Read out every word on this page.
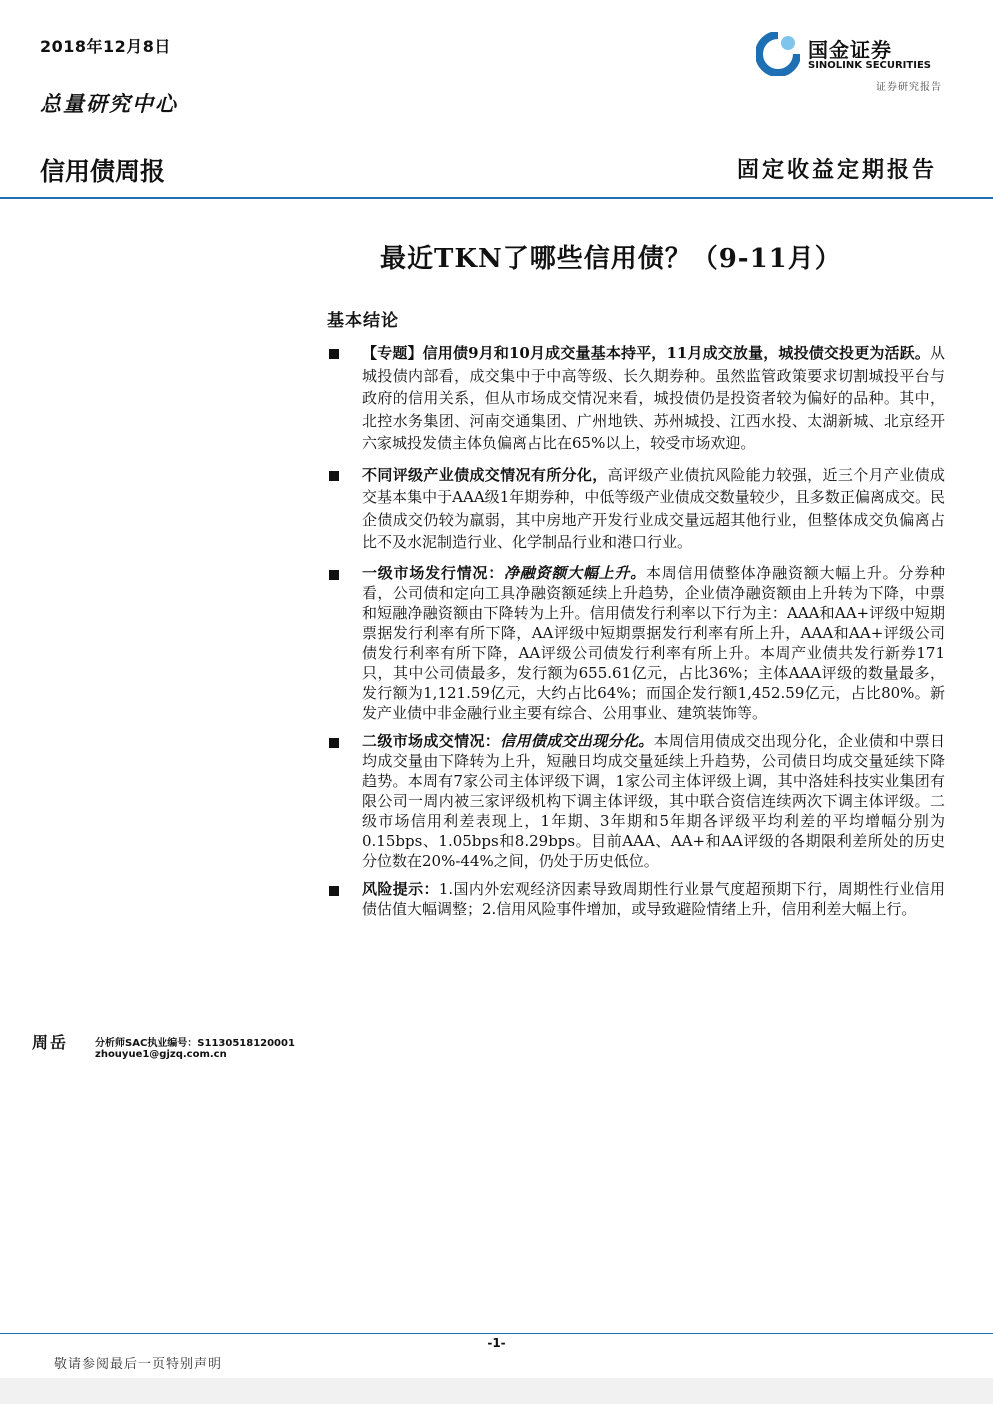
2018年12月8日
总量研究中心
信用债周报	固定收益定期报告
国金证券
SINOLINK SECURITIES
证券研究报告
最近TKN了哪些信用债？（9-11月）
基本结论
【专题】信用债9月和10月成交量基本持平，11月成交放量，城投债交投更为活跃。从城投债内部看，成交集中于中高等级、长久期券种。虽然监管政策要求切割城投平台与政府的信用关系，但从市场成交情况来看，城投债仍是投资者较为偏好的品种。其中，北控水务集团、河南交通集团、广州地铁、苏州城投、江西水投、太湖新城、北京经开六家城投发债主体负偏离占比在65%以上，较受市场欢迎。
不同评级产业债成交情况有所分化，高评级产业债抗风险能力较强，近三个月产业债成交基本集中于AAA级1年期券种，中低等级产业债成交数量较少，且多数正偏离成交。民企债成交仍较为羸弱，其中房地产开发行业成交量远超其他行业，但整体成交负偏离占比不及水泥制造行业、化学制品行业和港口行业。
一级市场发行情况：净融资额大幅上升。本周信用债整体净融资额大幅上升。分券种看，公司债和定向工具净融资额延续上升趋势，企业债净融资额由上升转为下降，中票和短融净融资额由下降转为上升。信用债发行利率以下行为主：AAA和AA+评级中短期票据发行利率有所下降，AA评级中短期票据发行利率有所上升，AAA和AA+评级公司债发行利率有所下降，AA评级公司债发行利率有所上升。本周产业债共发行新券171只，其中公司债最多，发行额为655.61亿元，占比36%；主体AAA评级的数量最多，发行额为1,121.59亿元，大约占比64%；而国企发行额1,452.59亿元，占比80%。新发产业债中非金融行业主要有综合、公用事业、建筑装饰等。
二级市场成交情况：信用债成交出现分化。本周信用债成交出现分化，企业债和中票日均成交量由下降转为上升，短融日均成交量延续上升趋势，公司债日均成交量延续下降趋势。本周有7家公司主体评级下调，1家公司主体评级上调，其中洛娃科技实业集团有限公司一周内被三家评级机构下调主体评级，其中联合资信连续两次下调主体评级。二级市场信用利差表现上，1年期、3年期和5年期各评级平均利差的平均增幅分别为0.15bps、1.05bps和8.29bps。目前AAA、AA+和AA评级的各期限利差所处的历史分位数在20%-44%之间，仍处于历史低位。
风险提示：1.国内外宏观经济因素导致周期性行业景气度超预期下行，周期性行业信用债估值大幅调整；2.信用风险事件增加，或导致避险情绪上升，信用利差大幅上行。
周岳	分析师SAC执业编号：S1130518120001
zhouyue1@gjzq.com.cn
-1-
敬请参阅最后一页特别声明
